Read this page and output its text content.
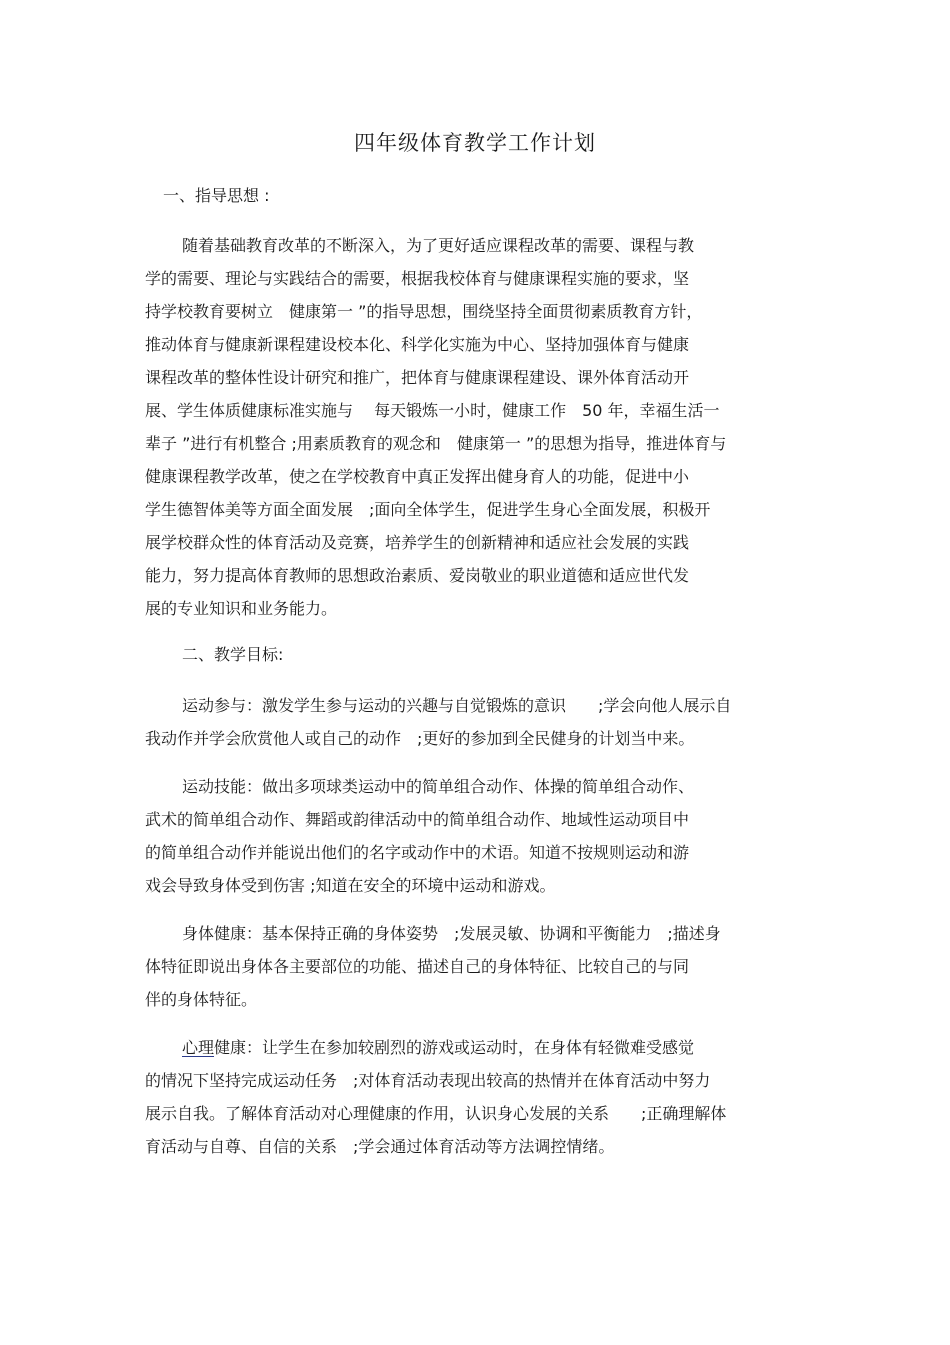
四年级体育教学工作计划
一、指导思想 :
随着基础教育改革的不断深入，为了更好适应课程改革的需要、课程与教
学的需要、理论与实践结合的需要，根据我校体育与健康课程实施的要求，坚
持学校教育要树立　健康第一 ”的指导思想，围绕坚持全面贯彻素质教育方针，
推动体育与健康新课程建设校本化、科学化实施为中心、坚持加强体育与健康
课程改革的整体性设计研究和推广，把体育与健康课程建设、课外体育活动开
展、学生体质健康标准实施与　 每天锻炼一小时，健康工作　50 年，幸福生活一
辈子 ”进行有机整合 ;用素质教育的观念和　健康第一 ”的思想为指导，推进体育与
健康课程教学改革，使之在学校教育中真正发挥出健身育人的功能，促进中小
学生德智体美等方面全面发展　;面向全体学生，促进学生身心全面发展，积极开
展学校群众性的体育活动及竞赛，培养学生的创新精神和适应社会发展的实践
能力，努力提高体育教师的思想政治素质、爱岗敬业的职业道德和适应世代发
展的专业知识和业务能力。
二、教学目标:
运动参与：激发学生参与运动的兴趣与自觉锻炼的意识　　;学会向他人展示自
我动作并学会欣赏他人或自己的动作　;更好的参加到全民健身的计划当中来。
运动技能：做出多项球类运动中的简单组合动作、体操的简单组合动作、
武术的简单组合动作、舞蹈或韵律活动中的简单组合动作、地域性运动项目中
的简单组合动作并能说出他们的名字或动作中的术语。知道不按规则运动和游
戏会导致身体受到伤害 ;知道在安全的环境中运动和游戏。
身体健康：基本保持正确的身体姿势　;发展灵敏、协调和平衡能力　;描述身
体特征即说出身体各主要部位的功能、描述自己的身体特征、比较自己的与同
伴的身体特征。
心理健康：让学生在参加较剧烈的游戏或运动时，在身体有轻微难受感觉
的情况下坚持完成运动任务　;对体育活动表现出较高的热情并在体育活动中努力
展示自我。了解体育活动对心理健康的作用，认识身心发展的关系　　;正确理解体
育活动与自尊、自信的关系　;学会通过体育活动等方法调控情绪。
